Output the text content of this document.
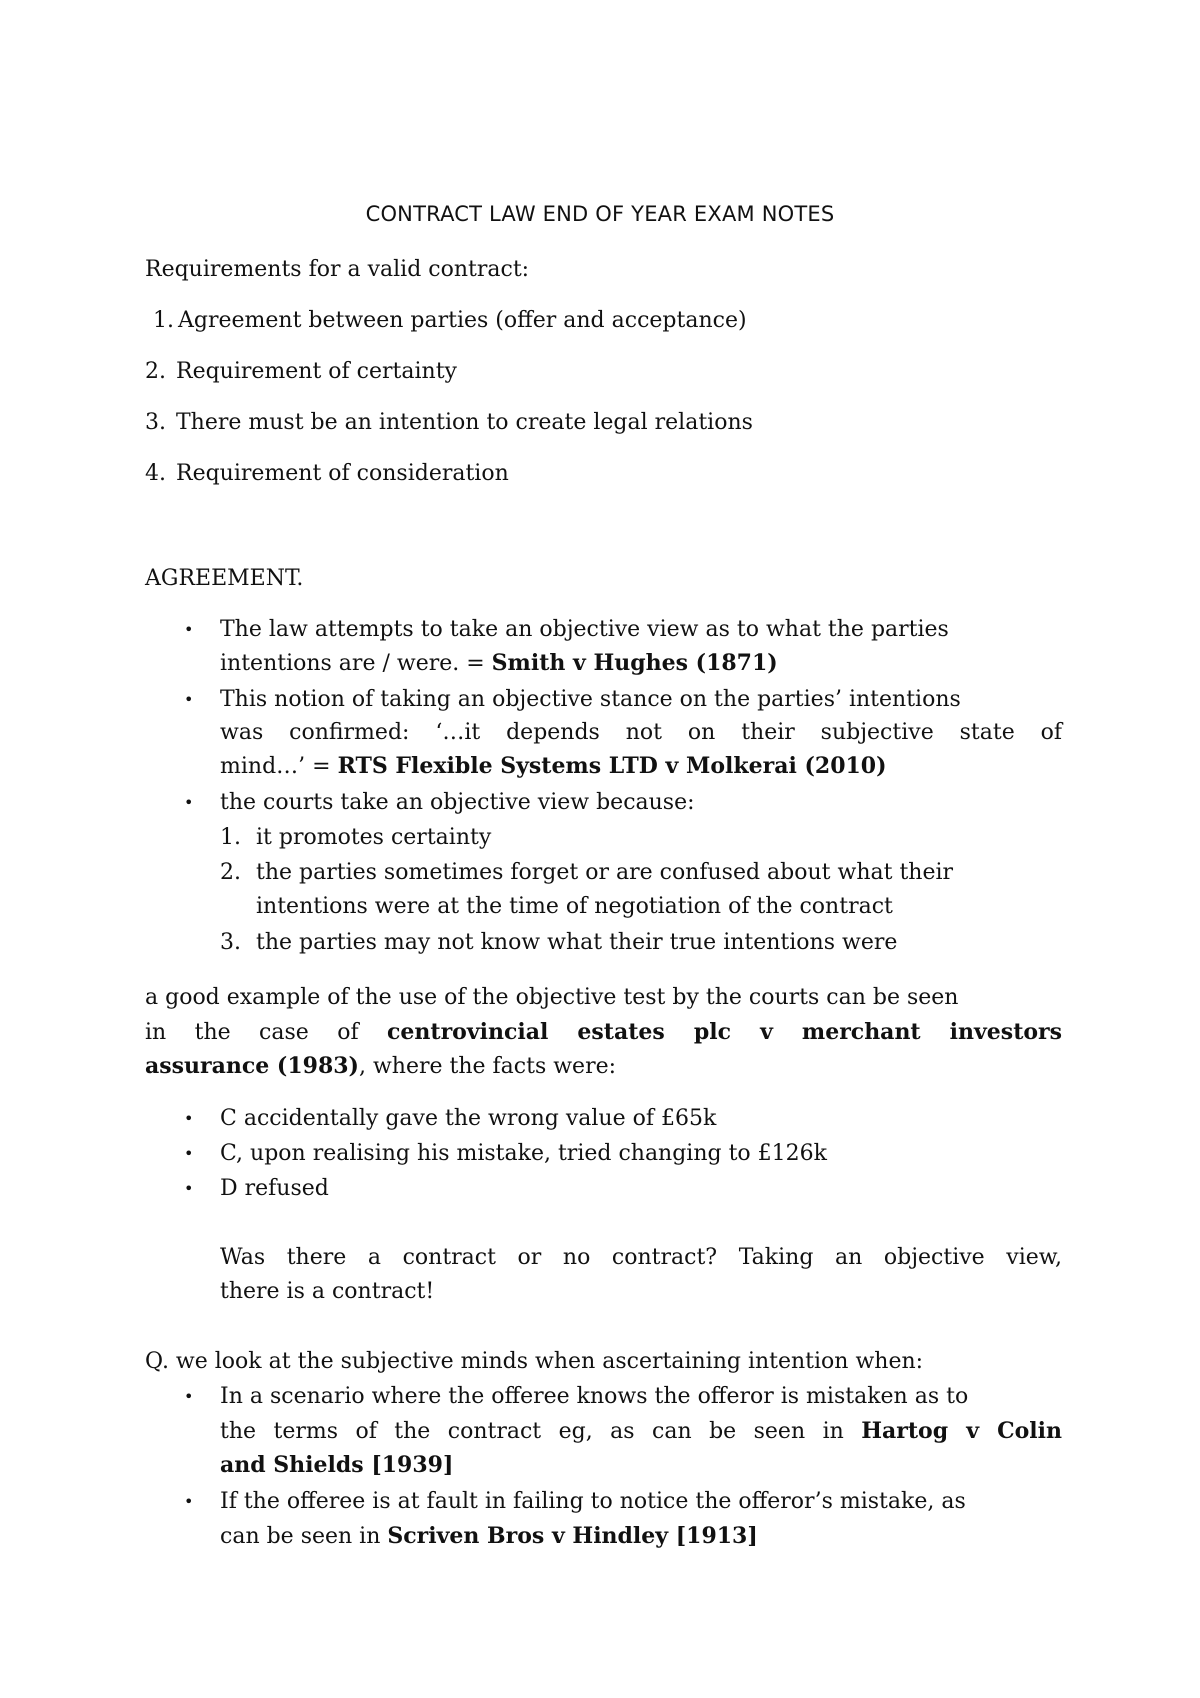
CONTRACT LAW END OF YEAR EXAM NOTES
Requirements for a valid contract:
1. Agreement between parties (offer and acceptance)
2. Requirement of certainty
3. There must be an intention to create legal relations
4. Requirement of consideration
AGREEMENT.
• The law attempts to take an objective view as to what the parties
intentions are / were. = Smith v Hughes (1871)
• This notion of taking an objective stance on the parties’ intentions
was confirmed: ‘…it depends not on their subjective state of
mind…’ = RTS Flexible Systems LTD v Molkerai (2010)
• the courts take an objective view because:
1. it promotes certainty
2. the parties sometimes forget or are confused about what their
intentions were at the time of negotiation of the contract
3. the parties may not know what their true intentions were
a good example of the use of the objective test by the courts can be seen
in the case of centrovincial estates plc v merchant investors
assurance (1983), where the facts were:
• C accidentally gave the wrong value of £65k
• C, upon realising his mistake, tried changing to £126k
• D refused
Was there a contract or no contract? Taking an objective view,
there is a contract!
Q. we look at the subjective minds when ascertaining intention when:
• In a scenario where the offeree knows the offeror is mistaken as to
the terms of the contract eg, as can be seen in Hartog v Colin
and Shields [1939]
• If the offeree is at fault in failing to notice the offeror’s mistake, as
can be seen in Scriven Bros v Hindley [1913]
